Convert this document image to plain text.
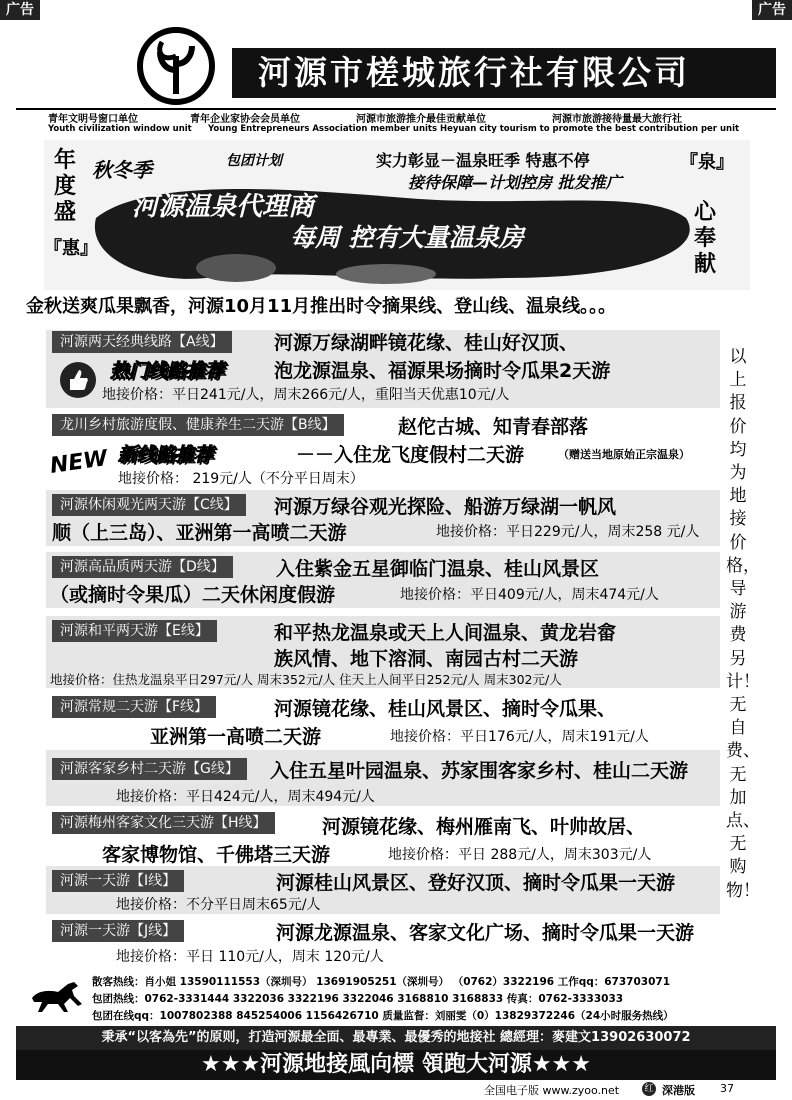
广告	广告
河源市槎城旅行社有限公司
青年文明号窗口单位	青年企业家协会会员单位	河源市旅游推介最佳贡献单位	河源市旅游接待量最大旅行社
Youth civilization window unit Young Entrepreneurs Association member units Heyuan city tourism to promote the best contribution per unit
秋冬季	包团计划	实力彰显－温泉旺季 特惠不停
接待保障—计划控房 批发推广
年
度
盛
『惠』
『泉』
心
奉
献
河源温泉代理商
每周 控有大量温泉房
金秋送爽瓜果飘香，河源10月11月推出时令摘果线、登山线、温泉线。。。
河源两天经典线路【A线】	河源万绿湖畔镜花缘、桂山好汉顶、
泡龙源温泉、福源果场摘时令瓜果2天游
热门线路推荐
地接价格：平日241元/人，周末266元/人，重阳当天优惠10元/人
龙川乡村旅游度假、健康养生二天游【B线】	赵佗古城、知青春部落
－－入住龙飞度假村二天游	（赠送当地原始正宗温泉）
NEW 新线路推荐
地接价格： 219元/人（不分平日周末）
河源休闲观光两天游【C线】	河源万绿谷观光探险、船游万绿湖一帆风
顺（上三岛）、亚洲第一高喷二天游	地接价格：平日229元/人，周末258 元/人
河源高品质两天游【D线】	入住紫金五星御临门温泉、桂山风景区
（或摘时令果瓜）二天休闲度假游	地接价格：平日409元/人，周末474元/人
河源和平两天游【E线】	和平热龙温泉或天上人间温泉、黄龙岩畲
族风情、地下溶洞、南园古村二天游
地接价格：住热龙温泉平日297元/人 周末352元/人 住天上人间平日252元/人 周末302元/人
河源常规二天游【F线】	河源镜花缘、桂山风景区、摘时令瓜果、
亚洲第一高喷二天游	地接价格：平日176元/人，周末191元/人
河源客家乡村二天游【G线】	入住五星叶园温泉、苏家围客家乡村、桂山二天游
地接价格：平日424元/人，周末494元/人
河源梅州客家文化三天游【H线】	河源镜花缘、梅州雁南飞、叶帅故居、
客家博物馆、千佛塔三天游	地接价格：平日 288元/人，周末303元/人
河源一天游【I线】	河源桂山风景区、登好汉顶、摘时令瓜果一天游
地接价格：不分平日周末65元/人
河源一天游【J线】	河源龙源温泉、客家文化广场、摘时令瓜果一天游
地接价格：平日 110元/人，周末 120元/人
以上报价均为地接价格，导游费另计！无自费、无加点、无购物！
散客热线：肖小姐 13590111553（深圳号） 13691905251（深圳号） （0762）3322196 工作qq：673703071
包团热线：0762-3331444 3322036 3322196 3322046 3168810 3168833 传真：0762-3333033
包团在线qq：1007802388 845254006 1156426710 质量监督：刘丽雯（0）13829372246（24小时服务热线）
秉承“以客為先”的原则，打造河源最全面、最專業、最優秀的地接社 總經理：麥建文13902630072
★★★河源地接風向標 領跑大河源★★★
全国电子版 www.zyoo.net	红 深港版 37
